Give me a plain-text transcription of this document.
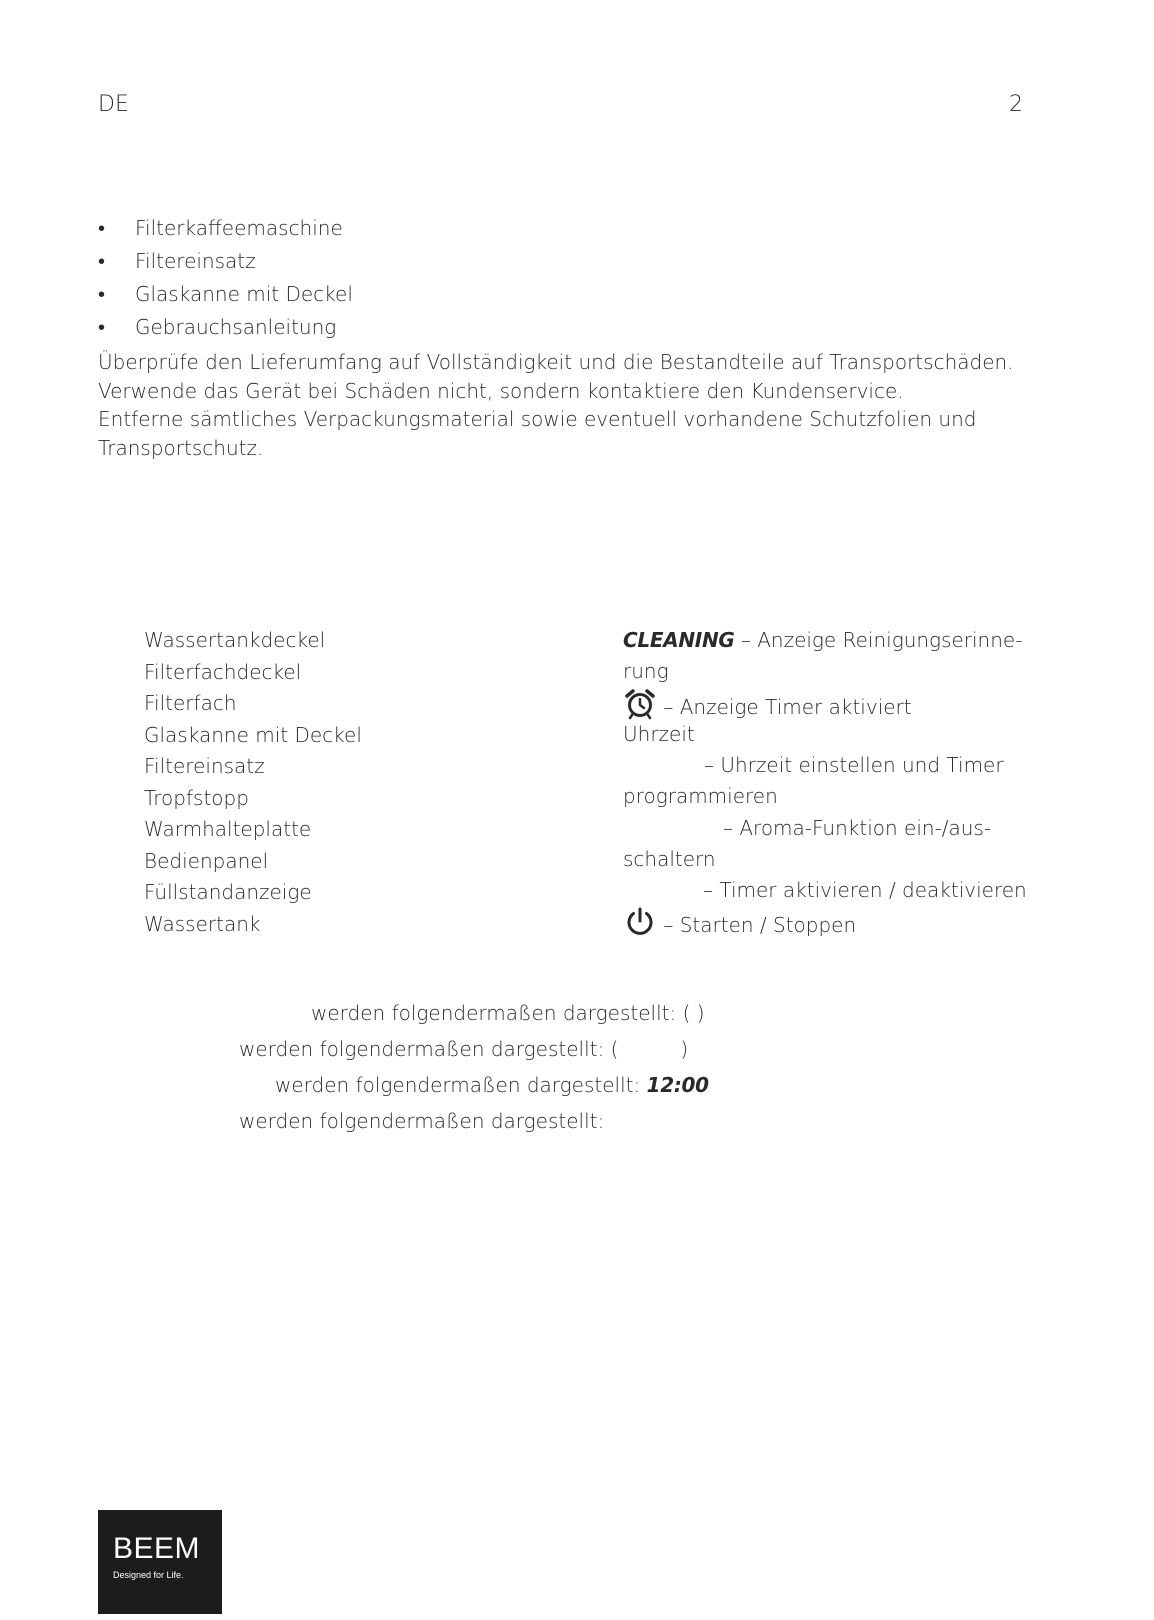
DE	2
• Filterkaffeemaschine
• Filtereinsatz
• Glaskanne mit Deckel
• Gebrauchsanleitung
Überprüfe den Lieferumfang auf Vollständigkeit und die Bestandteile auf Transportschäden.
Verwende das Gerät bei Schäden nicht, sondern kontaktiere den Kundenservice.
Entferne sämtliches Verpackungsmaterial sowie eventuell vorhandene Schutzfolien und
Transportschutz.
Wassertankdeckel
Filterfachdeckel
Filterfach
Glaskanne mit Deckel
Filtereinsatz
Tropfstopp
Warmhalteplatte
Bedienpanel
Füllstandanzeige
Wassertank
CLEANING – Anzeige Reinigungserinne-
rung
– Anzeige Timer aktiviert
Uhrzeit
– Uhrzeit einstellen und Timer
programmieren
– Aroma-Funktion ein-/aus-
schaltern
– Timer aktivieren / deaktivieren
– Starten / Stoppen
werden folgendermaßen dargestellt: ( )
werden folgendermaßen dargestellt: (	)
werden folgendermaßen dargestellt: 12:00
werden folgendermaßen dargestellt:
BEEM
Designed for Life.
